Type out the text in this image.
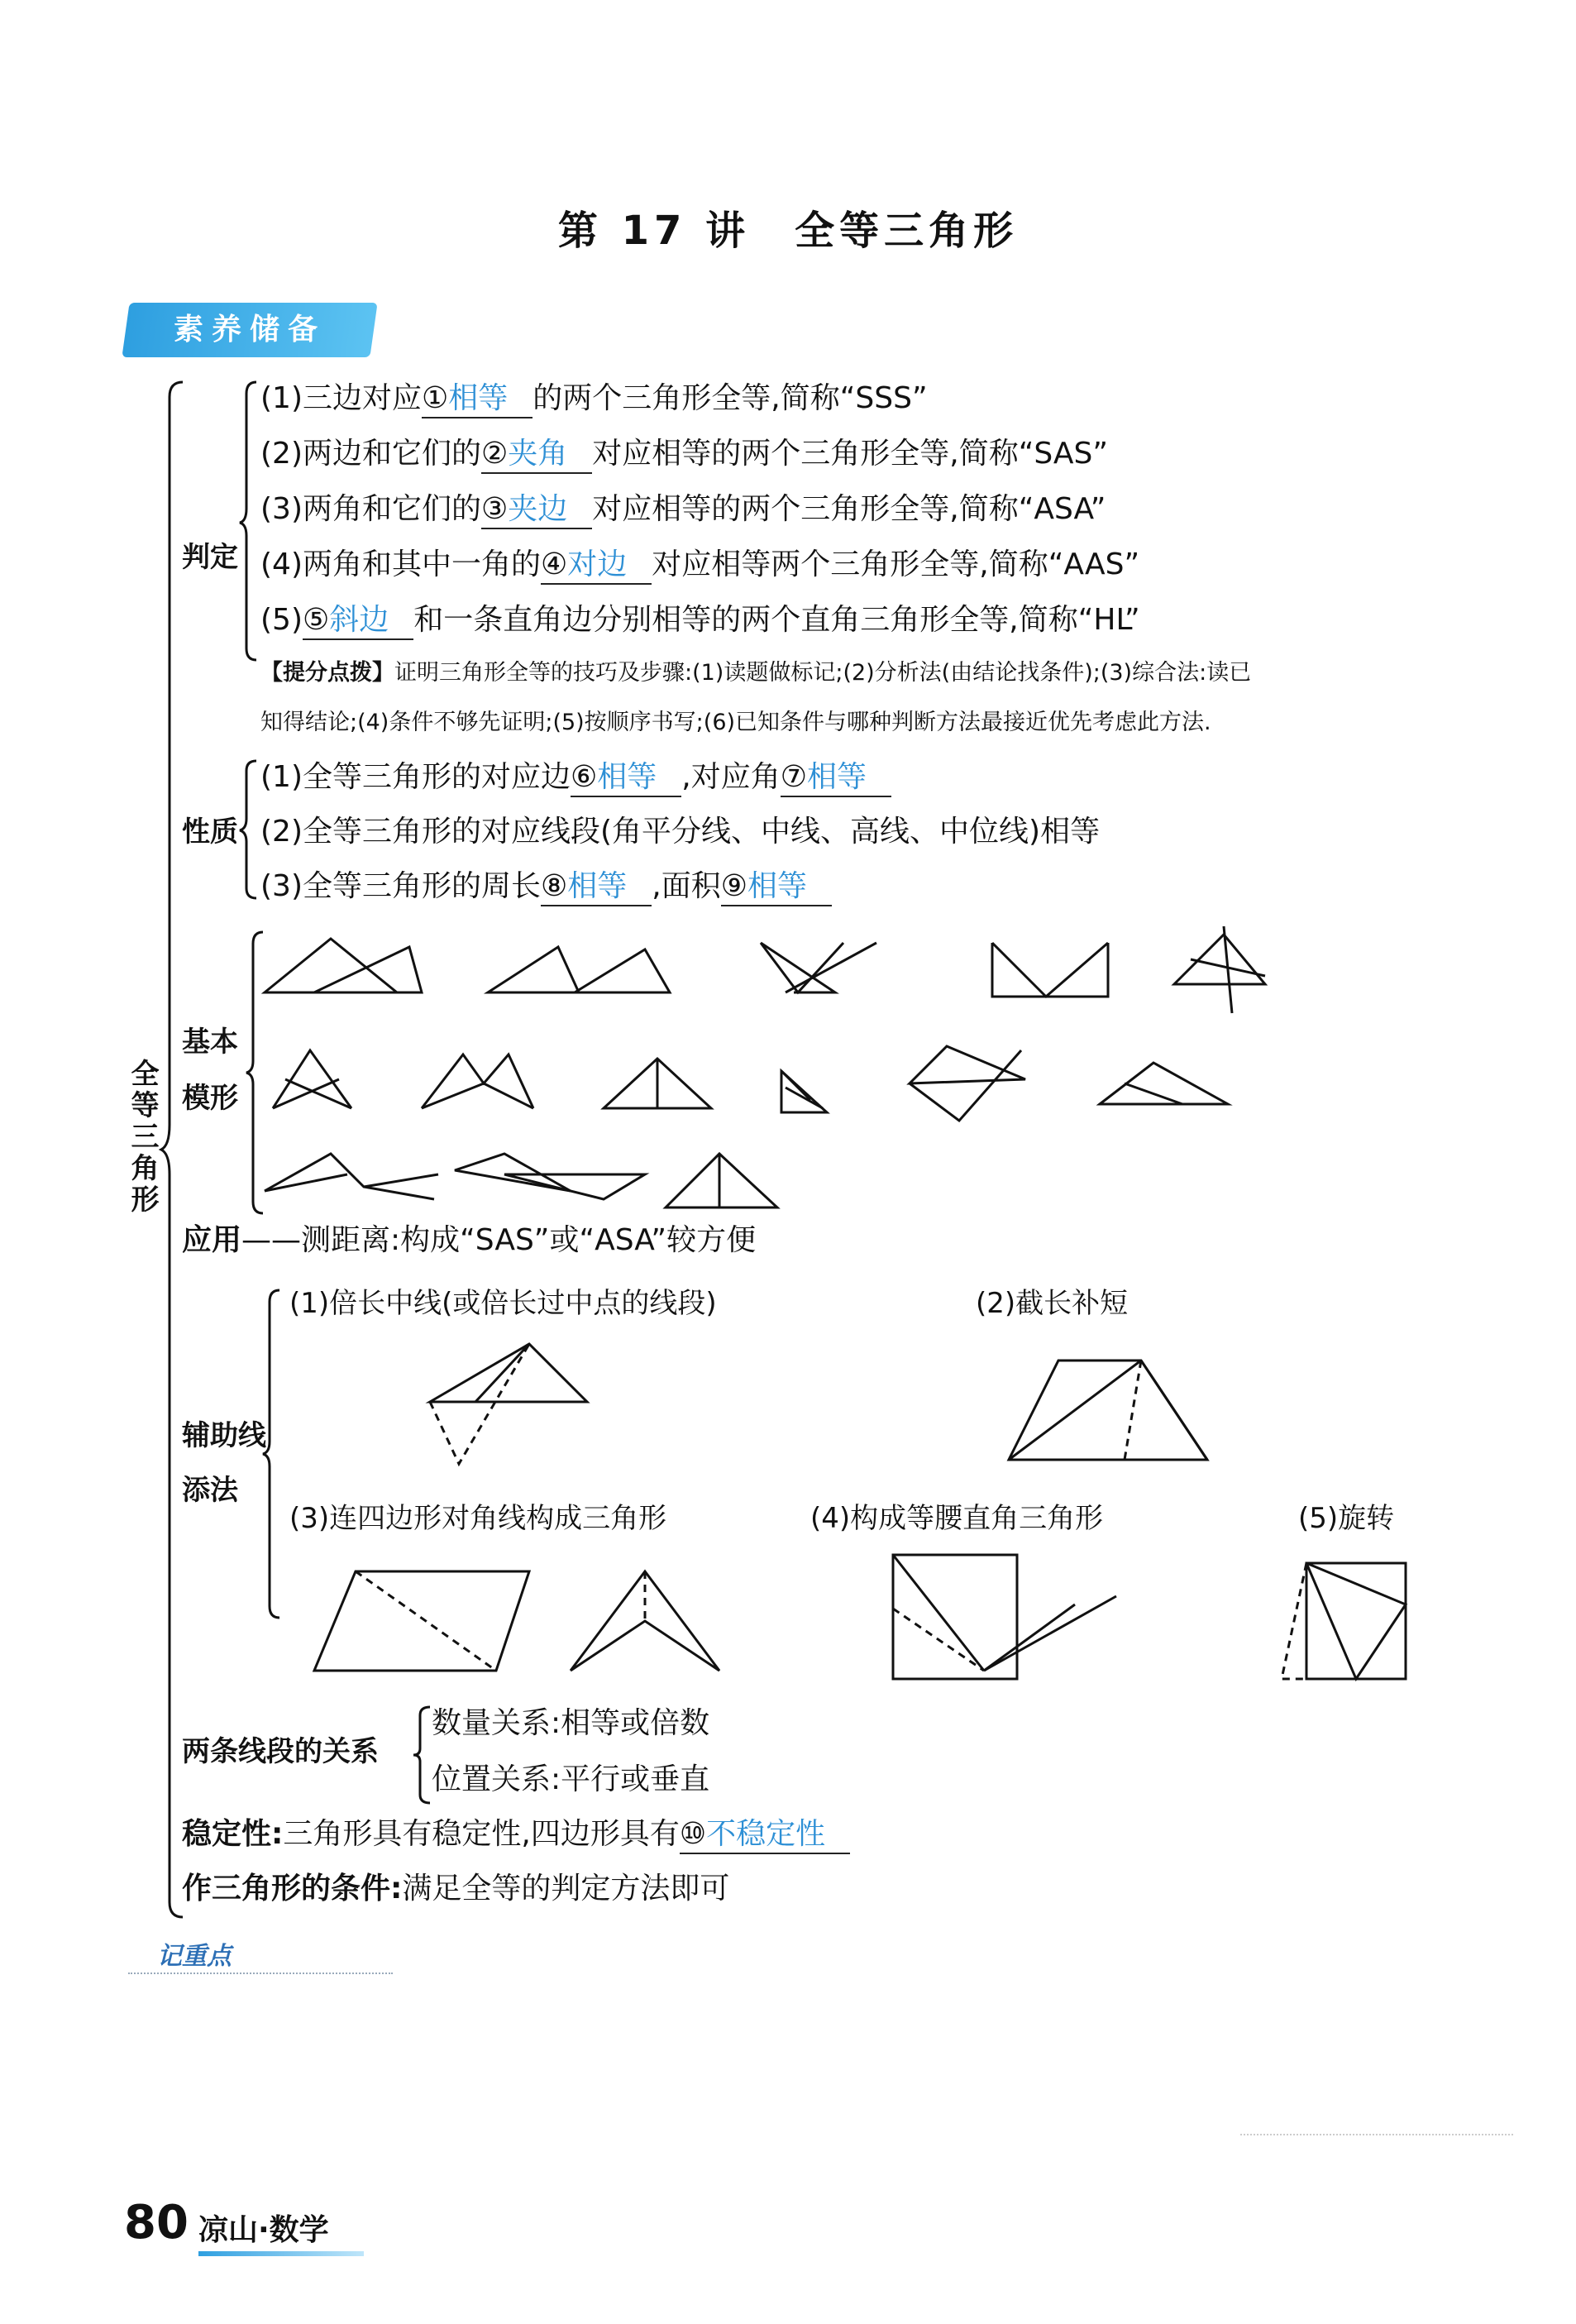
第 17 讲　全等三角形
素养储备
全等三角形
判定
(1)三边对应①相等 的两个三角形全等,简称“SSS”
(2)两边和它们的②夹角 对应相等的两个三角形全等,简称“SAS”
(3)两角和它们的③夹边 对应相等的两个三角形全等,简称“ASA”
(4)两角和其中一角的④对边 对应相等两个三角形全等,简称“AAS”
(5)⑤斜边 和一条直角边分别相等的两个直角三角形全等,简称“HL”
【提分点拨】证明三角形全等的技巧及步骤:(1)读题做标记;(2)分析法(由结论找条件);(3)综合法:读已
知得结论;(4)条件不够先证明;(5)按顺序书写;(6)已知条件与哪种判断方法最接近优先考虑此方法.
性质
(1)全等三角形的对应边⑥相等 ,对应角⑦相等
(2)全等三角形的对应线段(角平分线、中线、高线、中位线)相等
(3)全等三角形的周长⑧相等 ,面积⑨相等
基本
模形
应用——测距离:构成“SAS”或“ASA”较方便
辅助线
添法
(1)倍长中线(或倍长过中点的线段)	(2)截长补短
(3)连四边形对角线构成三角形	(4)构成等腰直角三角形	(5)旋转
两条线段的关系
数量关系:相等或倍数
位置关系:平行或垂直
稳定性:三角形具有稳定性,四边形具有⑩不稳定性
作三角形的条件:满足全等的判定方法即可
记重点
80 凉山·数学
